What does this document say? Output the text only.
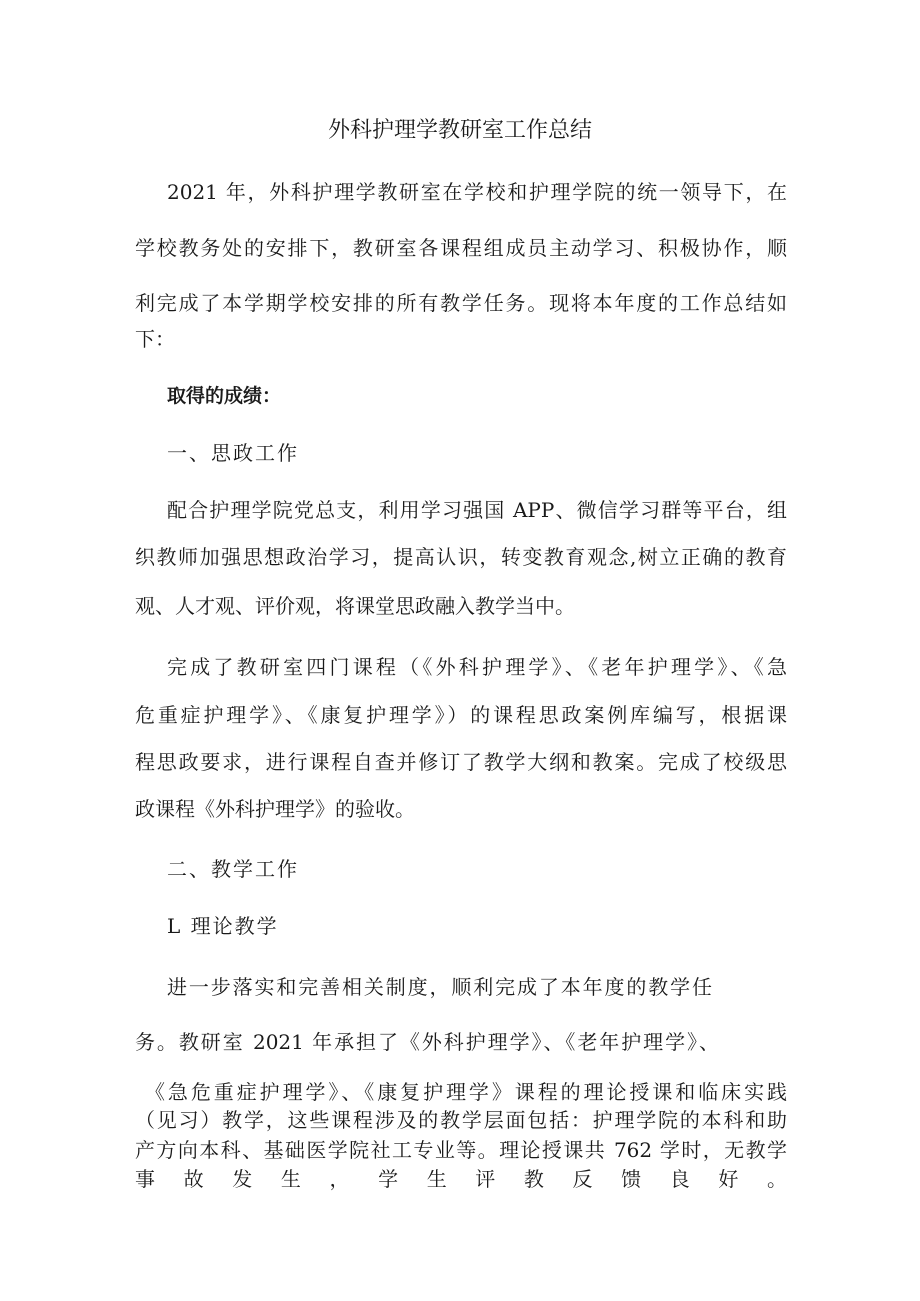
外科护理学教研室工作总结

2021 年，外科护理学教研室在学校和护理学院的统一领导下，在

学校教务处的安排下，教研室各课程组成员主动学习、积极协作，顺

利完成了本学期学校安排的所有教学任务。现将本年度的工作总结如

下：

取得的成绩：

一、思政工作

配合护理学院党总支，利用学习强国 APP、微信学习群等平台，组

织教师加强思想政治学习，提高认识，转变教育观念,树立正确的教育

观、人才观、评价观，将课堂思政融入教学当中。

完成了教研室四门课程（《外科护理学》、《老年护理学》、《急

危重症护理学》、《康复护理学》）的课程思政案例库编写，根据课

程思政要求，进行课程自查并修订了教学大纲和教案。完成了校级思

政课程《外科护理学》的验收。

二、教学工作

L 理论教学

进一步落实和完善相关制度，顺利完成了本年度的教学任

务。教研室 2021 年承担了《外科护理学》、《老年护理学》、

《急危重症护理学》、《康复护理学》课程的理论授课和临床实践

（见习）教学，这些课程涉及的教学层面包括：护理学院的本科和助

产方向本科、基础医学院社工专业等。理论授课共 762 学时，无教学

事故发生，学生评教反馈良好。
